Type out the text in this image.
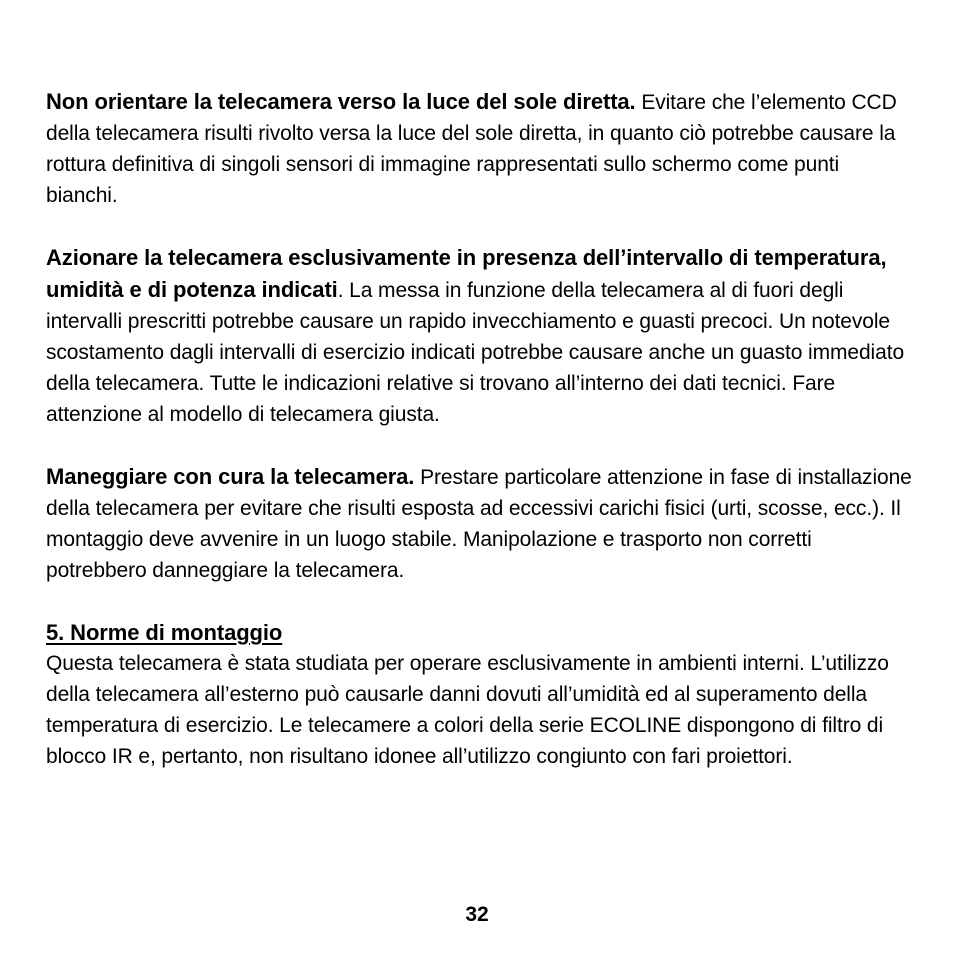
Non orientare la telecamera verso la luce del sole diretta. Evitare che l’elemento CCD della telecamera risulti rivolto versa la luce del sole diretta, in quanto ciò potrebbe causare la rottura definitiva di singoli sensori di immagine rappresentati sullo schermo come punti bianchi.

Azionare la telecamera esclusivamente in presenza dell’intervallo di temperatura, umidità e di potenza indicati. La messa in funzione della telecamera al di fuori degli intervalli prescritti potrebbe causare un rapido invecchiamento e guasti precoci. Un notevole scostamento dagli intervalli di esercizio indicati potrebbe causare anche un guasto immediato della telecamera. Tutte le indicazioni relative si trovano all’interno dei dati tecnici. Fare attenzione al modello di telecamera giusta.

Maneggiare con cura la telecamera. Prestare particolare attenzione in fase di installazione della telecamera per evitare che risulti esposta ad eccessivi carichi fisici (urti, scosse, ecc.). Il montaggio deve avvenire in un luogo stabile. Manipolazione e trasporto non corretti potrebbero danneggiare la telecamera.

5. Norme di montaggio

Questa telecamera è stata studiata per operare esclusivamente in ambienti interni. L’utilizzo della telecamera all’esterno può causarle danni dovuti all’umidità ed al superamento della temperatura di esercizio. Le telecamere a colori della serie ECOLINE dispongono di filtro di blocco IR e, pertanto, non risultano idonee all’utilizzo congiunto con fari proiettori.

32
